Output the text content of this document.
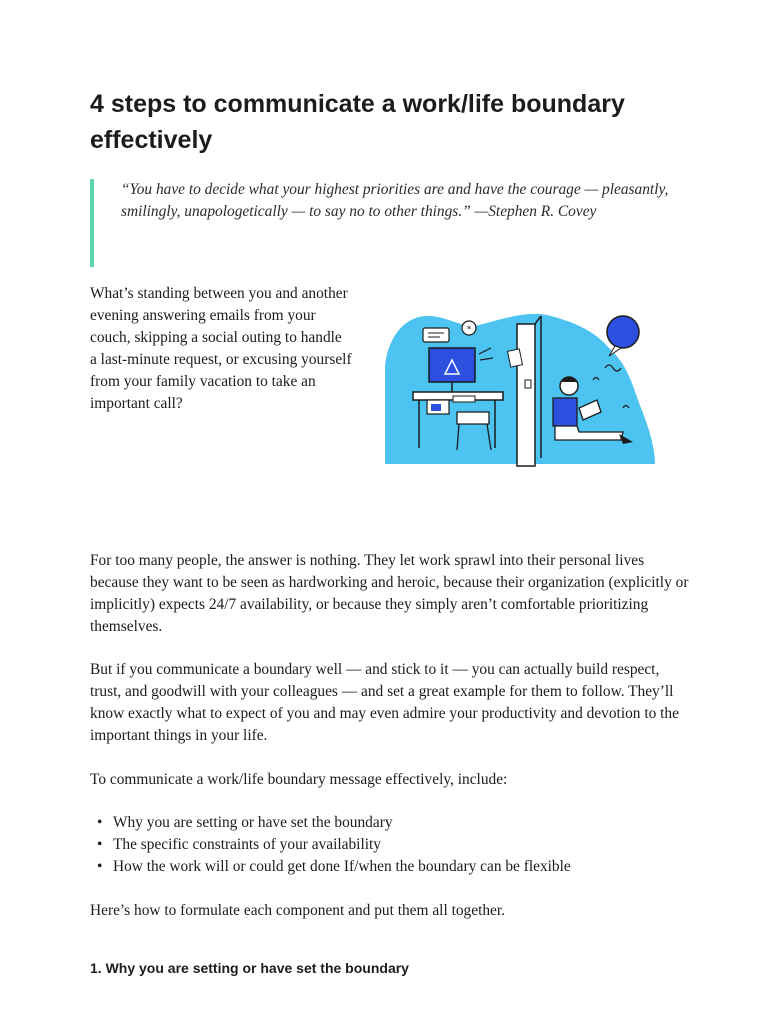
4 steps to communicate a work/life boundary effectively

“You have to decide what your highest priorities are and have the courage — pleasantly, smilingly, unapologetically — to say no to other things.” —Stephen R. Covey

What’s standing between you and another evening answering emails from your couch, skipping a social outing to handle a last-minute request, or excusing yourself from your family vacation to take an important call?

*

For too many people, the answer is nothing. They let work sprawl into their personal lives because they want to be seen as hardworking and heroic, because their organization (explicitly or implicitly) expects 24/7 availability, or because they simply aren’t comfortable prioritizing themselves.

But if you communicate a boundary well — and stick to it — you can actually build respect, trust, and goodwill with your colleagues — and set a great example for them to follow. They’ll know exactly what to expect of you and may even admire your productivity and devotion to the important things in your life.

To communicate a work/life boundary message effectively, include:

• Why you are setting or have set the boundary
• The specific constraints of your availability
• How the work will or could get done If/when the boundary can be flexible

Here’s how to formulate each component and put them all together.

1. Why you are setting or have set the boundary
